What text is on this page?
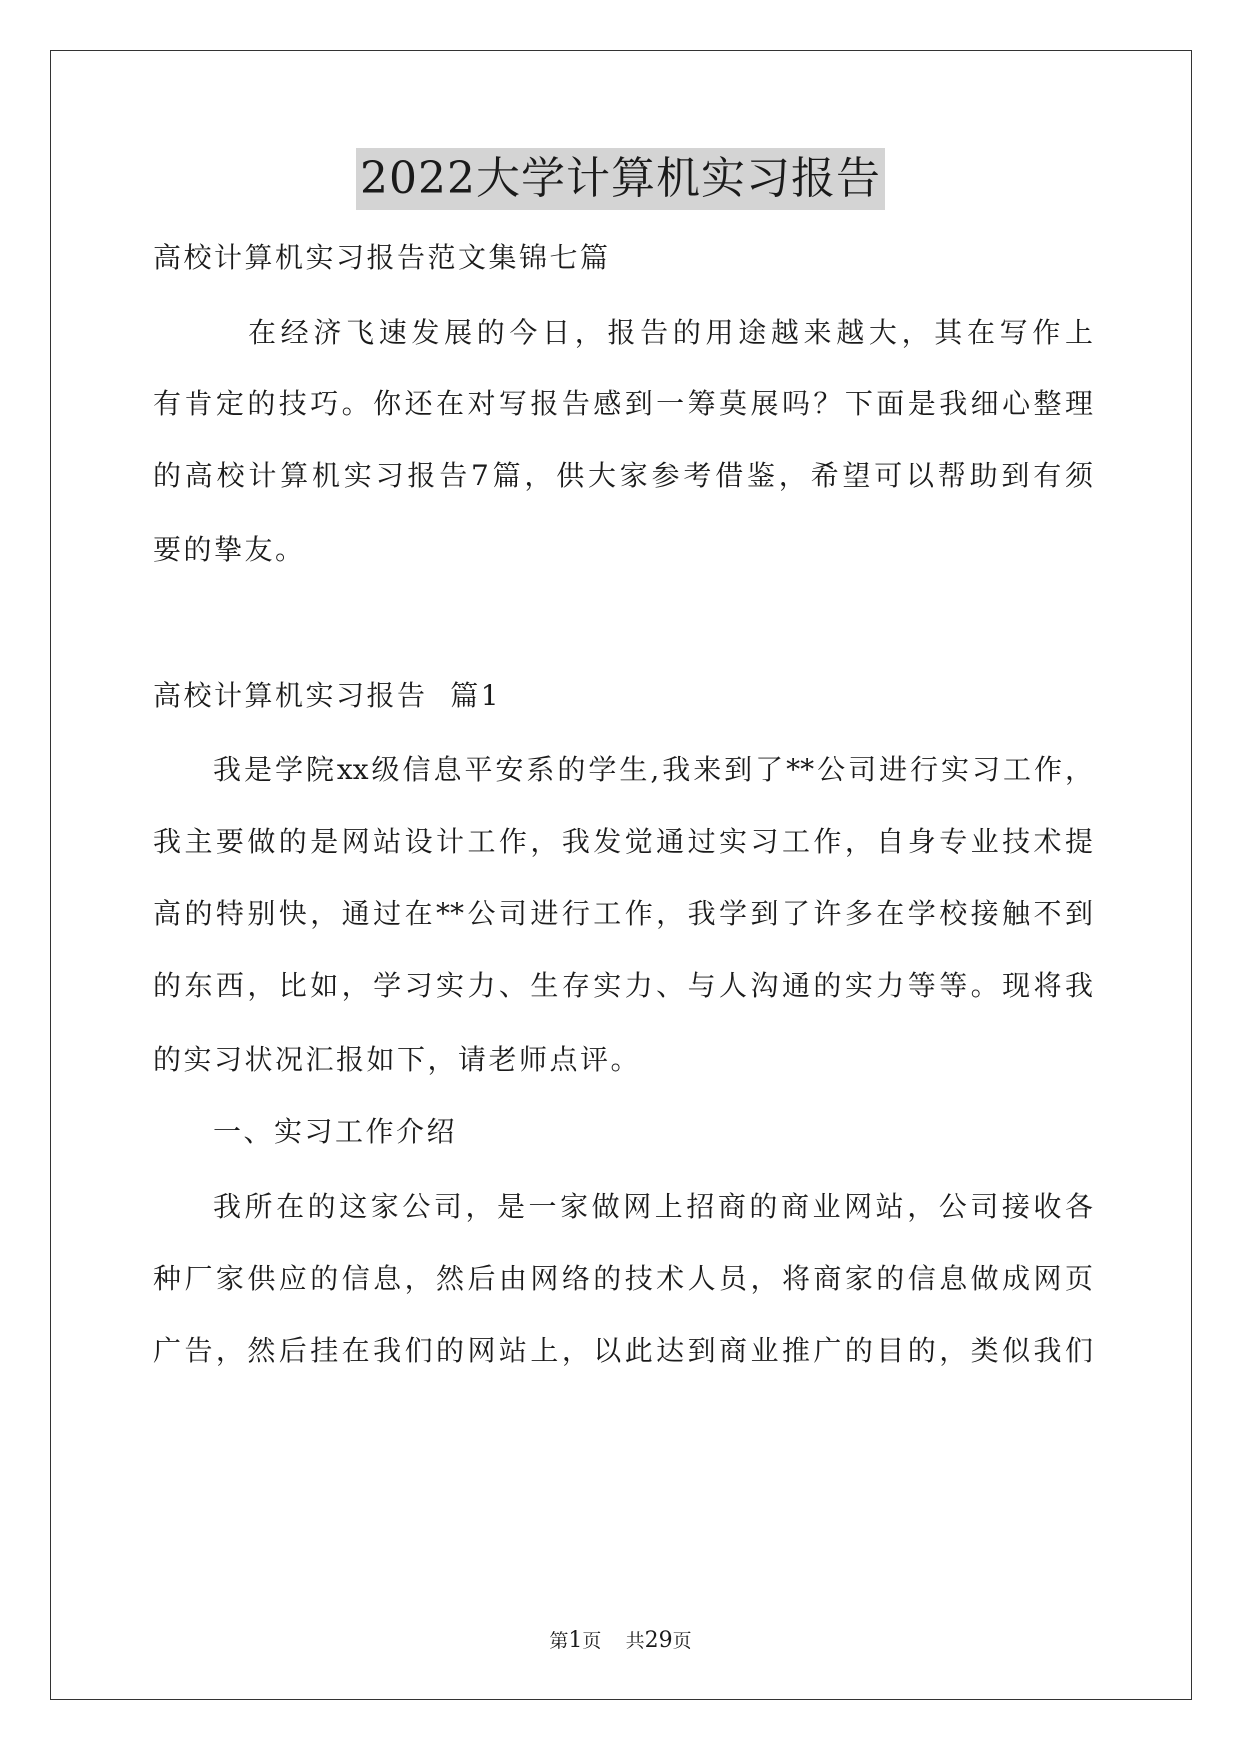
2022大学计算机实习报告
高校计算机实习报告范文集锦七篇
在经济飞速发展的今日，报告的用途越来越大，其在写作上
有肯定的技巧。你还在对写报告感到一筹莫展吗？下面是我细心整理
的高校计算机实习报告7篇，供大家参考借鉴，希望可以帮助到有须
要的挚友。
高校计算机实习报告  篇1
我是学院xx级信息平安系的学生,我来到了**公司进行实习工作，
我主要做的是网站设计工作，我发觉通过实习工作，自身专业技术提
高的特别快，通过在**公司进行工作，我学到了许多在学校接触不到
的东西，比如，学习实力、生存实力、与人沟通的实力等等。现将我
的实习状况汇报如下，请老师点评。
一、实习工作介绍
我所在的这家公司，是一家做网上招商的商业网站，公司接收各
种厂家供应的信息，然后由网络的技术人员，将商家的信息做成网页
广告，然后挂在我们的网站上，以此达到商业推广的目的，类似我们
第1页 共29页
